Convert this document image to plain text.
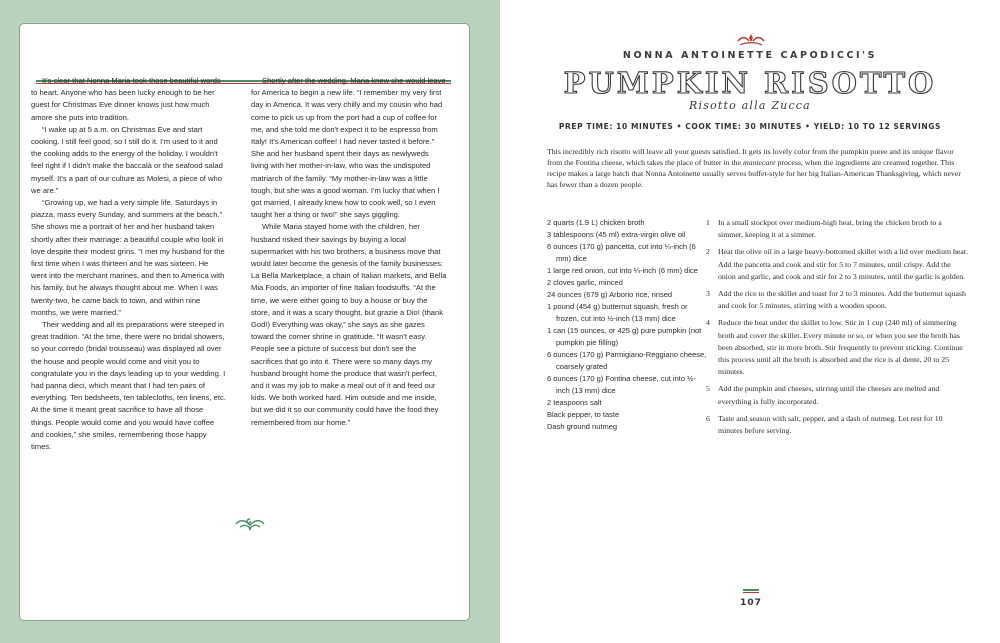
It's clear that Nonna Maria took those beautiful words to heart. Anyone who has been lucky enough to be her guest for Christmas Eve dinner knows just how much amore she puts into tradition.

“I wake up at 5 a.m. on Christmas Eve and start cooking. I still feel good, so I still do it. I'm used to it and the cooking adds to the energy of the holiday. I wouldn't feel right if I didn't make the baccalà or the seafood salad myself. It's a part of our culture as Molesi, a piece of who we are.”

“Growing up, we had a very simple life. Saturdays in piazza, mass every Sunday, and summers at the beach.” She shows me a portrait of her and her husband taken shortly after their marriage: a beautiful couple who look in love despite their modest grins. “I met my husband for the first time when I was thirteen and he was sixteen. He went into the merchant marines, and then to America with his family, but he always thought about me. When I was twenty-two, he came back to town, and within nine months, we were married.”

Their wedding and all its preparations were steeped in great tradition. “At the time, there were no bridal showers, so your corredo (bridal trousseau) was displayed all over the house and people would come and visit you to congratulate you in the days leading up to your wedding. I had panna dieci, which meant that I had ten pairs of everything. Ten bedsheets, ten tablecloths, ten linens, etc. At the time it meant great sacrifice to have all those things. People would come and you would have coffee and cookies,” she smiles, remembering those happy times.

Shortly after the wedding, Maria knew she would leave for America to begin a new life. “I remember my very first day in America. It was very chilly and my cousin who had come to pick us up from the port had a cup of coffee for me, and she told me don't expect it to be espresso from Italy! It's American coffee! I had never tasted it before.” She and her husband spent their days as newlyweds living with her mother-in-law, who was the undisputed matriarch of the family. “My mother-in-law was a little tough, but she was a good woman. I'm lucky that when I got married, I already knew how to cook well, so I even taught her a thing or two!” she says giggling.

While Maria stayed home with the children, her husband risked their savings by buying a local supermarket with his two brothers, a business move that would later become the genesis of the family businesses: La Bella Marketplace, a chain of Italian markets, and Bella Mia Foods, an importer of fine Italian foodstuffs. “At the time, we were either going to buy a house or buy the store, and it was a scary thought, but grazie a Dio! (thank God!) Everything was okay,” she says as she gazes toward the corner shrine in gratitude. “It wasn't easy. People see a picture of success but don't see the sacrifices that go into it. There were so many days my husband brought home the produce that wasn't perfect, and it was my job to make a meal out of it and feed our kids. We both worked hard. Him outside and me inside, but we did it so our community could have the food they remembered from our home.”

NONNA ANTOINETTE CAPODICCI'S
PUMPKIN RISOTTO
Risotto alla Zucca
PREP TIME: 10 MINUTES • COOK TIME: 30 MINUTES • YIELD: 10 TO 12 SERVINGS
This incredibly rich risotto will leave all your guests satisfied. It gets its lovely color from the pumpkin puree and its unique flavor from the Fontina cheese, which takes the place of butter in the mantecare process, when the ingredients are creamed together. This recipe makes a large batch that Nonna Antoinette usually serves buffet-style for her big Italian-American Thanksgiving, which never has fewer than a dozen people.
2 quarts (1.9 L) chicken broth
3 tablespoons (45 ml) extra-virgin olive oil
6 ounces (170 g) pancetta, cut into ¼-inch (6 mm) dice
1 large red onion, cut into ¼-inch (6 mm) dice
2 cloves garlic, minced
24 ounces (679 g) Arborio rice, rinsed
1 pound (454 g) butternut squash, fresh or frozen, cut into ½-inch (13 mm) dice
1 can (15 ounces, or 425 g) pure pumpkin (not pumpkin pie filling)
6 ounces (170 g) Parmigiano-Reggiano cheese, coarsely grated
6 ounces (170 g) Fontina cheese, cut into ½-inch (13 mm) dice
2 teaspoons salt
Black pepper, to taste
Dash ground nutmeg
1 In a small stockpot over medium-high heat, bring the chicken broth to a simmer, keeping it at a simmer.
2 Heat the olive oil in a large heavy-bottomed skillet with a lid over medium heat. Add the pancetta and cook and stir for 5 to 7 minutes, until crispy. Add the onion and garlic, and cook and stir for 2 to 3 minutes, until the garlic is golden.
3 Add the rice to the skillet and toast for 2 to 3 minutes. Add the butternut squash and cook for 5 minutes, stirring with a wooden spoon.
4 Reduce the heat under the skillet to low. Stir in 1 cup (240 ml) of simmering broth and cover the skillet. Every minute or so, or when you see the broth has been absorbed, stir in more broth. Stir frequently to prevent sticking. Continue this process until all the broth is absorbed and the rice is al dente, 20 to 25 minutes.
5 Add the pumpkin and cheeses, stirring until the cheeses are melted and everything is fully incorporated.
6 Taste and season with salt, pepper, and a dash of nutmeg. Let rest for 10 minutes before serving.
107
